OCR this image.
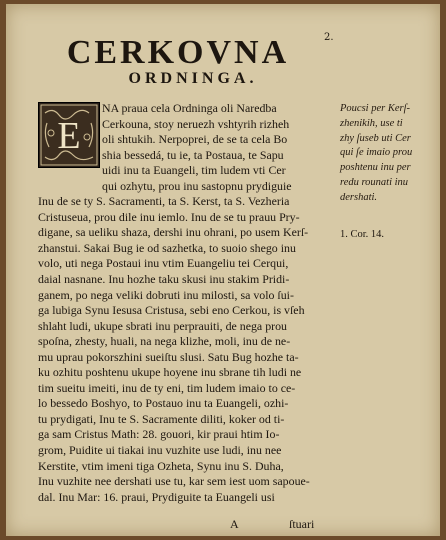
2.
CERKOVNA
ORDNINGA.
E
NA praua cela Ordninga oli Naredba
Cerkouna, stoy neruezh vshtyrih rizheh
oli shtukih. Nerpoprei, de se ta cela Bo
shia bessedá, tu ie, ta Postaua, te Sapu
uidi inu ta Euangeli, tim ludem vti Cer
qui ozhytu, prou inu sastopnu prydiguie
Inu de se ty S. Sacramenti, ta S. Kerst, ta S. Vezheria
Cristuseua, prou dile inu iemlo. Inu de se tu prauu Pry-
digane, sa ueliku shaza, dershi inu ohrani, po usem Kerſ-
zhanstui. Sakai Bug ie od sazhetka, to suoio shego inu
volo, uti nega Postaui inu vtim Euangeliu tei Cerqui,
daial nasnane. Inu hozhe taku skusi inu stakim Pridi-
ganem, po nega veliki dobruti inu milosti, sa volo ſui-
ga lubiga Synu Iesusa Cristusa, sebi eno Cerkou, is vſeh
shlaht ludi, ukupe sbrati inu perprauiti, de nega prou
spoſna, zhesty, huali, na nega klizhe, moli, inu de ne-
mu uprau pokorszhini sueiſtu slusi. Satu Bug hozhe ta-
ku ozhitu poshtenu ukupe hoyene inu sbrane tih ludi ne
tim sueitu imeiti, inu de ty eni, tim ludem imaio to ce-
lo bessedo Boshyo, to Postauo inu ta Euangeli, ozhi-
tu prydigati, Inu te S. Sacramente diliti, koker od ti-
ga sam Cristus Math: 28. gouori, kir praui htim Io-
grom, Puidite ui tiakai inu vuzhite use ludi, inu nee
Kerstite, vtim imeni tiga Ozheta, Synu inu S. Duha,
Inu vuzhite nee dershati use tu, kar sem iest uom sapoue-
dal. Inu Mar: 16. praui, Prydiguite ta Euangeli usi
Poucsi per Kerſ-
zhenikih, use ti
zhy ſuseb uti Cer
qui ſe imaio prou
poshtenu inu per
redu rounati inu
dershati.
1. Cor. 14.
A	ſtuari
